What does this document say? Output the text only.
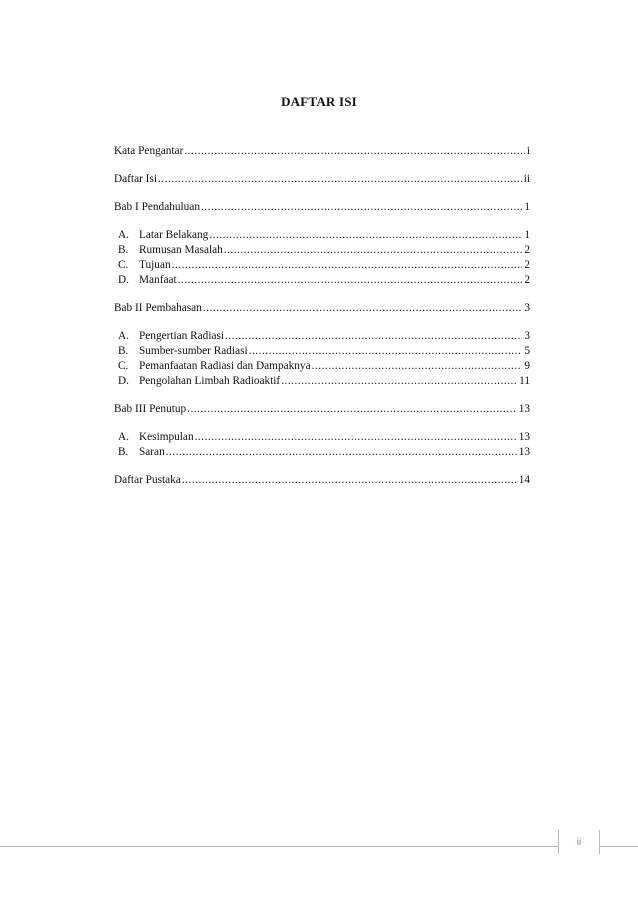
DAFTAR ISI
Kata Pengantar .....	i
Daftar Isi .....	ii
Bab I Pendahuluan .....	1
A. Latar Belakang .....	1
B. Rumusan Masalah .....	2
C. Tujuan .....	2
D. Manfaat .....	2
Bab II Pembahasan .....	3
A. Pengertian Radiasi .....	3
B. Sumber-sumber Radiasi .....	5
C. Pemanfaatan Radiasi dan Dampaknya .....	9
D. Pengolahan Limbah Radioaktif .....	11
Bab III Penutup .....	13
A. Kesimpulan .....	13
B. Saran .....	13
Daftar Pustaka .....	14
ii
